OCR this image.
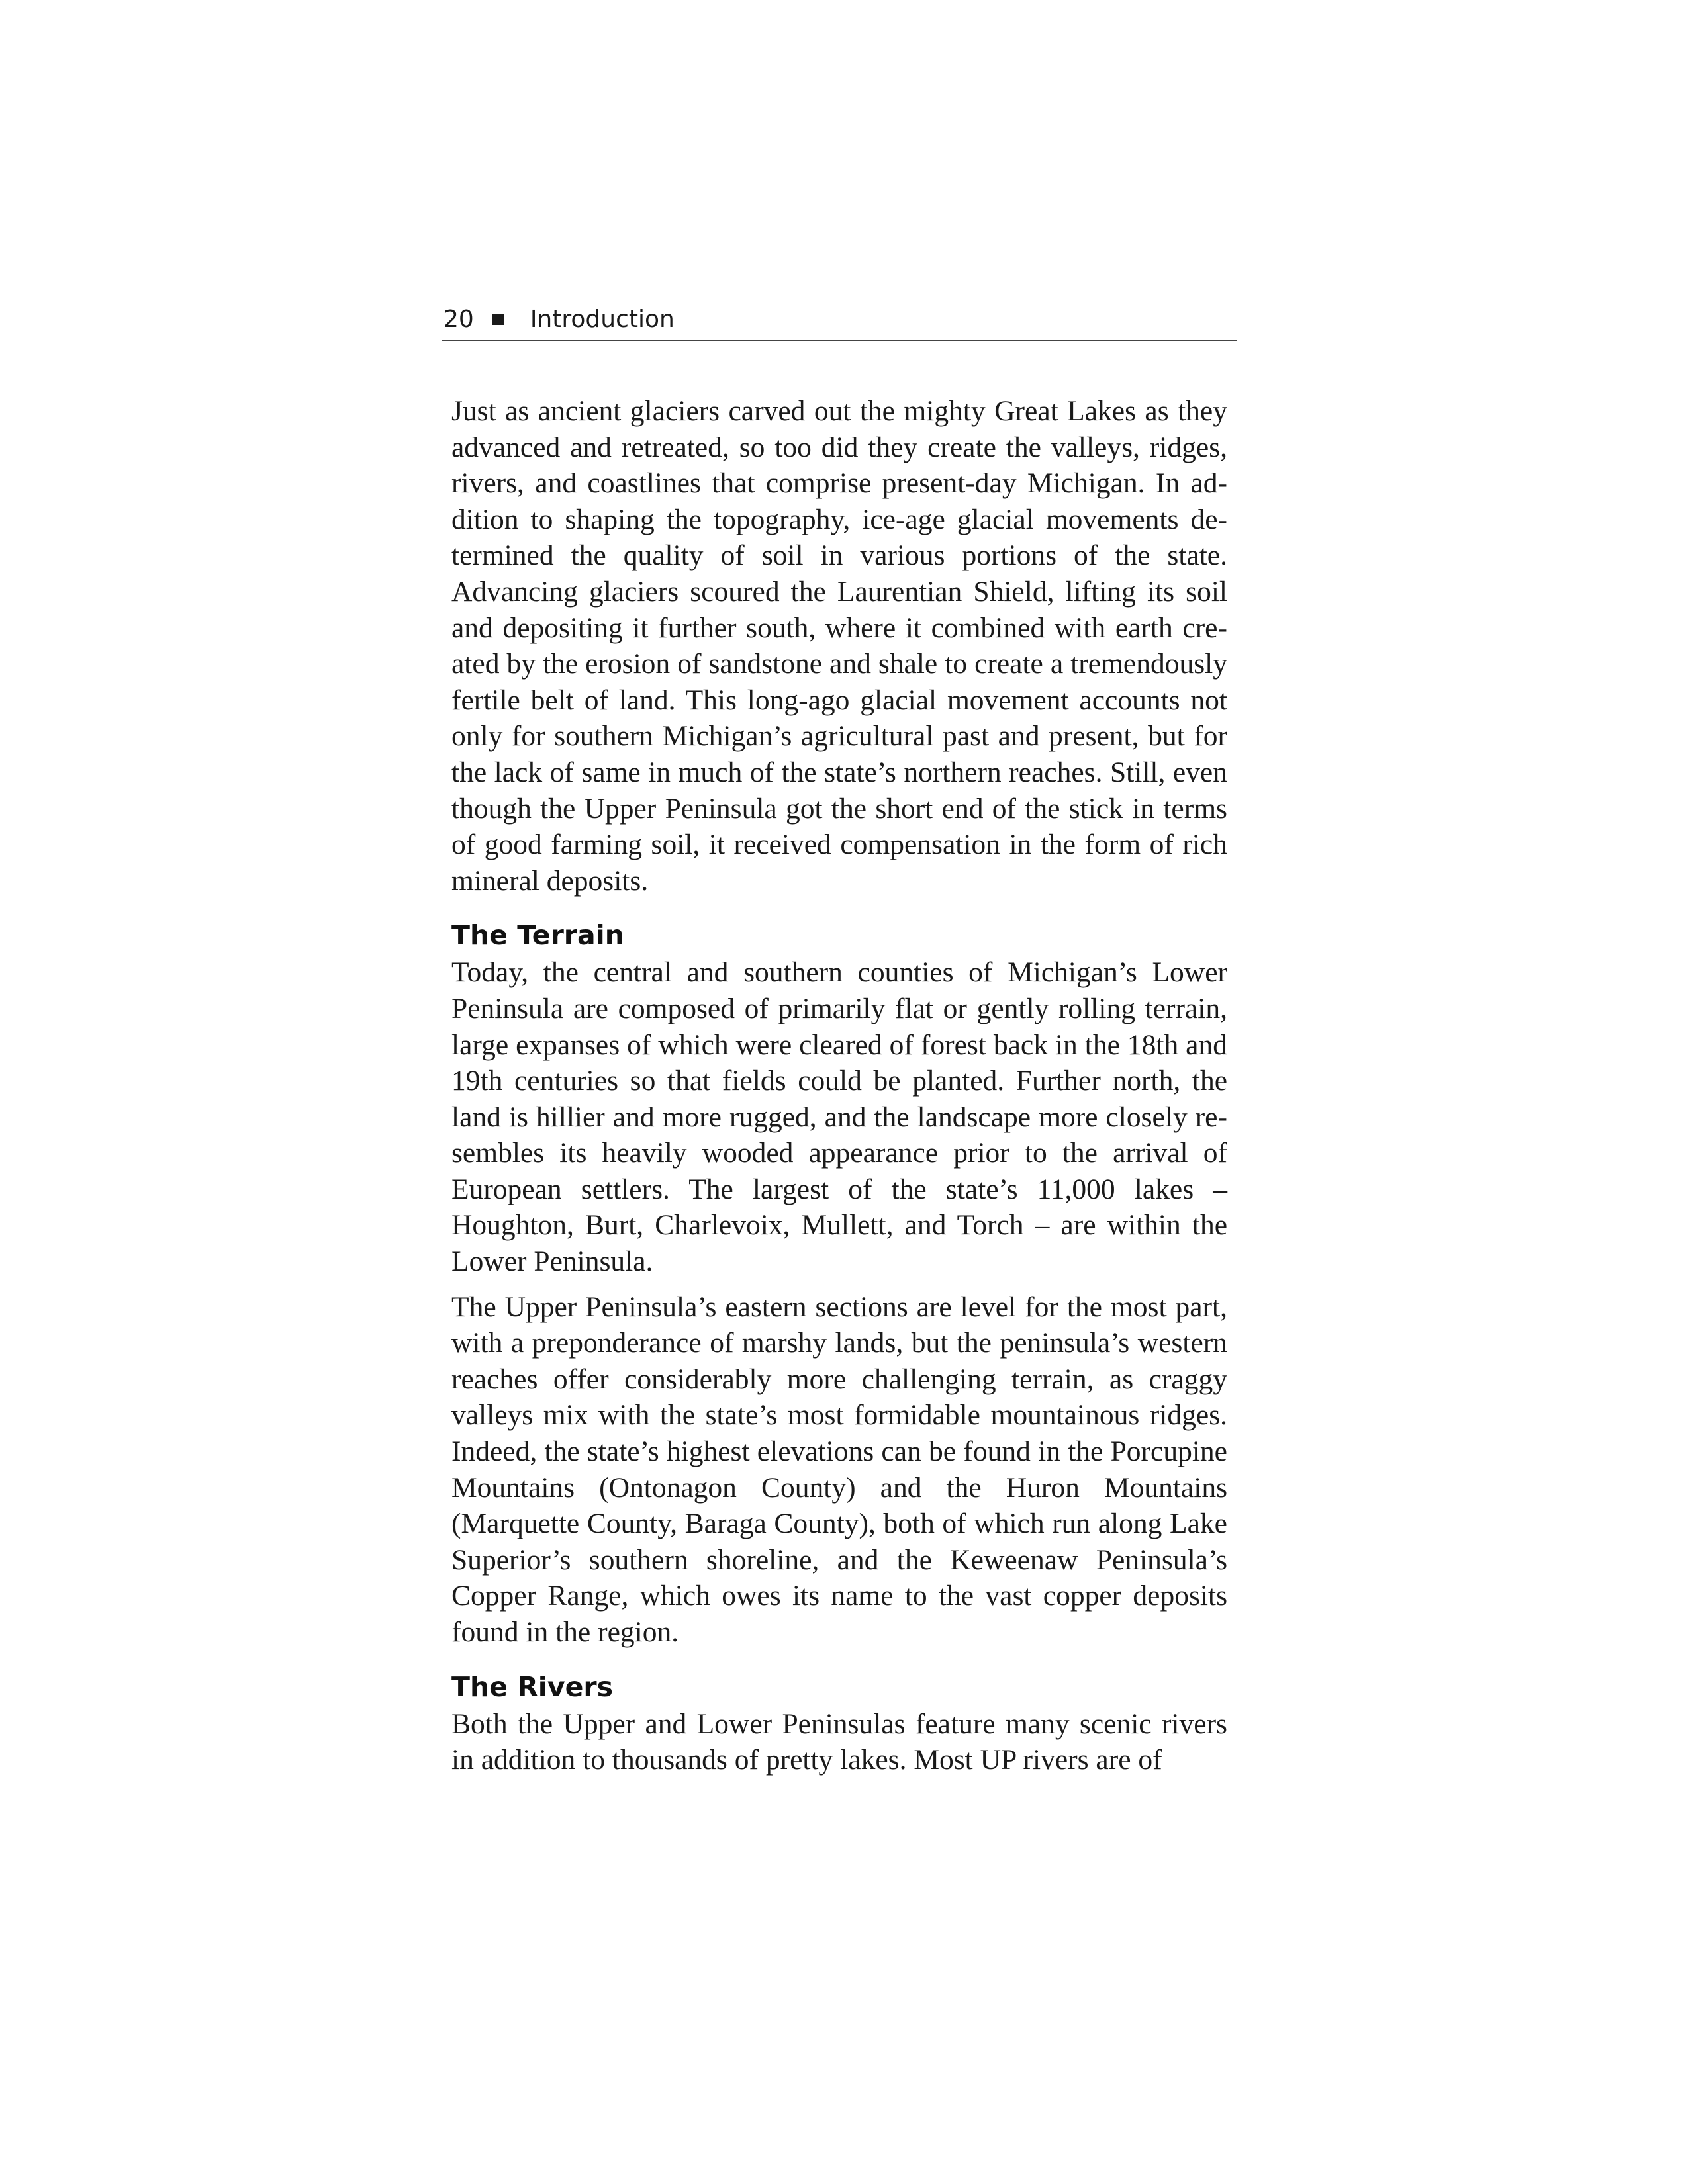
20 Introduction

Just as ancient glaciers carved out the mighty Great Lakes as they advanced and retreated, so too did they create the valleys, ridges, rivers, and coastlines that comprise present-day Michigan. In addition to shaping the topography, ice-age glacial movements determined the quality of soil in various portions of the state. Advancing glaciers scoured the Laurentian Shield, lifting its soil and depositing it further south, where it combined with earth created by the erosion of sandstone and shale to create a tremendously fertile belt of land. This long-ago glacial movement accounts not only for southern Michigan’s agricultural past and present, but for the lack of same in much of the state’s northern reaches. Still, even though the Upper Peninsula got the short end of the stick in terms of good farming soil, it received compensation in the form of rich mineral deposits.

The Terrain

Today, the central and southern counties of Michigan’s Lower Peninsula are composed of primarily flat or gently rolling terrain, large expanses of which were cleared of forest back in the 18th and 19th centuries so that fields could be planted. Further north, the land is hillier and more rugged, and the landscape more closely resembles its heavily wooded appearance prior to the arrival of European settlers. The largest of the state’s 11,000 lakes – Houghton, Burt, Charlevoix, Mullett, and Torch – are within the Lower Peninsula.

The Upper Peninsula’s eastern sections are level for the most part, with a preponderance of marshy lands, but the peninsula’s western reaches offer considerably more challenging terrain, as craggy valleys mix with the state’s most formidable mountainous ridges. Indeed, the state’s highest elevations can be found in the Porcupine Mountains (Ontonagon County) and the Huron Mountains (Marquette County, Baraga County), both of which run along Lake Superior’s southern shoreline, and the Keweenaw Peninsula’s Copper Range, which owes its name to the vast copper deposits found in the region.

The Rivers

Both the Upper and Lower Peninsulas feature many scenic rivers in addition to thousands of pretty lakes. Most UP rivers are of
